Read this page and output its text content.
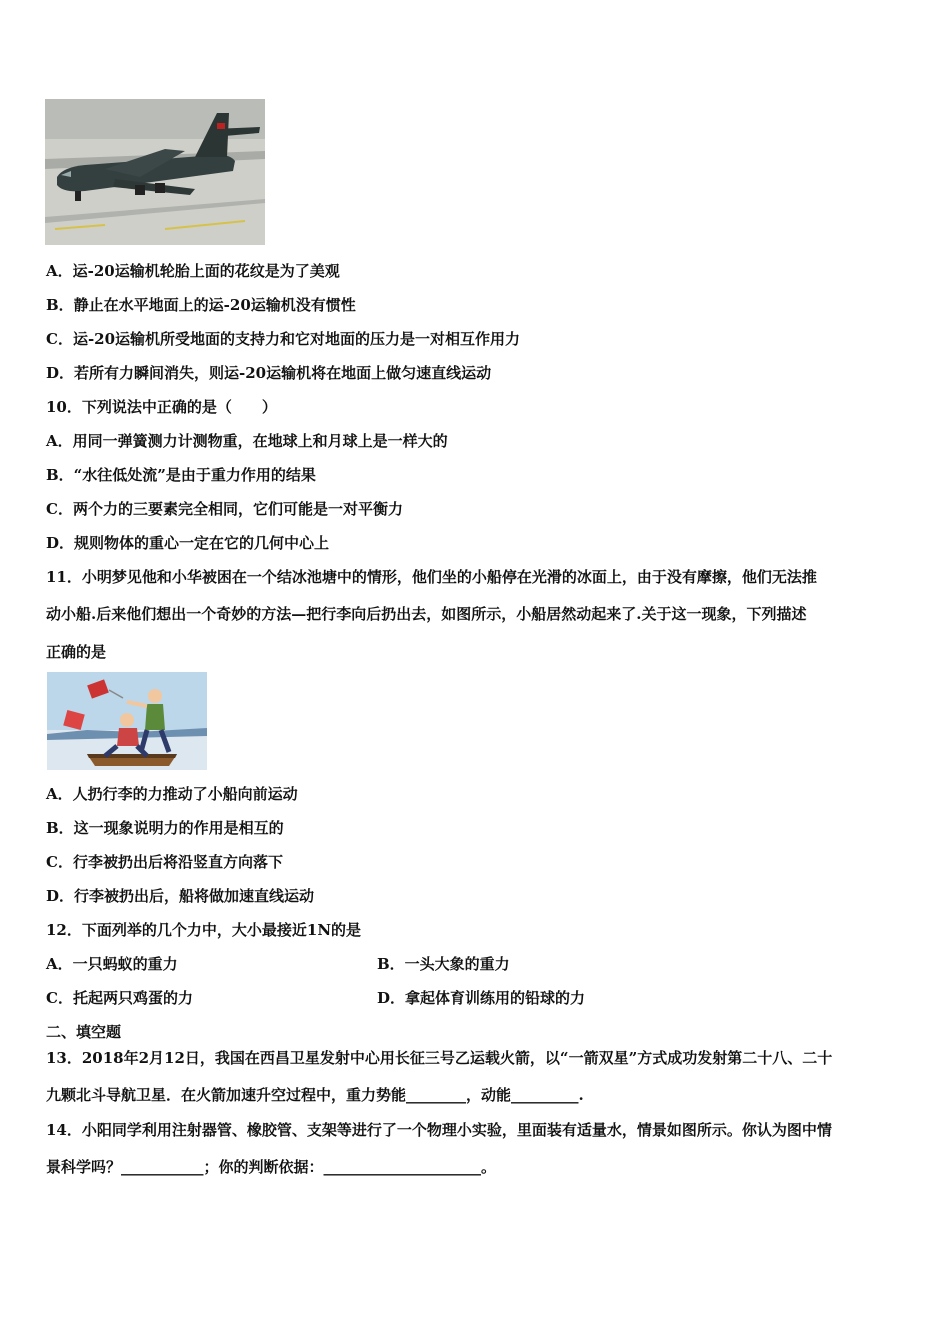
A．运-20运输机轮胎上面的花纹是为了美观
B．静止在水平地面上的运-20运输机没有惯性
C．运-20运输机所受地面的支持力和它对地面的压力是一对相互作用力
D．若所有力瞬间消失，则运-20运输机将在地面上做匀速直线运动
10．下列说法中正确的是（　　）
A．用同一弹簧测力计测物重，在地球上和月球上是一样大的
B．“水往低处流”是由于重力作用的结果
C．两个力的三要素完全相同，它们可能是一对平衡力
D．规则物体的重心一定在它的几何中心上
11．小明梦见他和小华被困在一个结冰池塘中的情形，他们坐的小船停在光滑的冰面上，由于没有摩擦，他们无法推
动小船.后来他们想出一个奇妙的方法—把行李向后扔出去，如图所示，小船居然动起来了.关于这一现象，下列描述
正确的是
A．人扔行李的力推动了小船向前运动
B．这一现象说明力的作用是相互的
C．行李被扔出后将沿竖直方向落下
D．行李被扔出后，船将做加速直线运动
12．下面列举的几个力中，大小最接近1N的是
A．一只蚂蚁的重力	B．一头大象的重力
C．托起两只鸡蛋的力	D．拿起体育训练用的铅球的力
二、填空题
13．2018年2月12日，我国在西昌卫星发射中心用长征三号乙运载火箭，以“一箭双星”方式成功发射第二十八、二十
九颗北斗导航卫星．在火箭加速升空过程中，重力势能________，动能_________.
14．小阳同学利用注射器管、橡胶管、支架等进行了一个物理小实验，里面装有适量水，情景如图所示。你认为图中情
景科学吗？___________；你的判断依据：_____________________。
